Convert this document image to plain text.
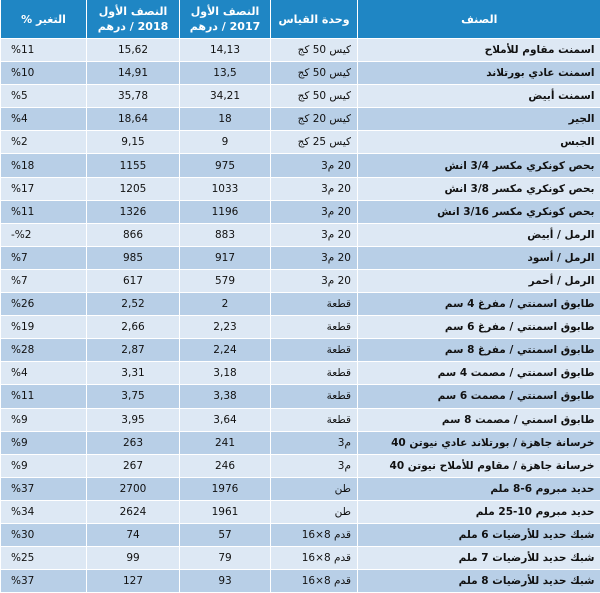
الصنف	وحدة القياس	النصف الأول 2017 / درهم	النصف الأول 2018 / درهم	التغير %
اسمنت مقاوم للأملاح	كيس 50 كج	14,13	15,62	%11
اسمنت عادي بورتلاند	كيس 50 كج	13,5	14,91	%10
اسمنت أبيض	كيس 50 كج	34,21	35,78	%5
الجير	كيس 20 كج	18	18,64	%4
الجبس	كيس 25 كج	9	9,15	%2
بحص كونكري مكسر 3/4 انش	20 م3	975	1155	%18
بحص كونكري مكسر 3/8 انش	20 م3	1033	1205	%17
بحص كونكري مكسر 3/16 انش	20 م3	1196	1326	%11
الرمل / أبيض	20 م3	883	866	%2-
الرمل / أسود	20 م3	917	985	%7
الرمل / أحمر	20 م3	579	617	%7
طابوق اسمنتي / مفرغ 4 سم	قطعة	2	2,52	%26
طابوق اسمنتي / مفرغ 6 سم	قطعة	2,23	2,66	%19
طابوق اسمنتي / مفرغ 8 سم	قطعة	2,24	2,87	%28
طابوق اسمنتي / مصمت 4 سم	قطعة	3,18	3,31	%4
طابوق اسمنتي / مصمت 6 سم	قطعة	3,38	3,75	%11
طابوق اسمني / مصمت 8 سم	قطعة	3,64	3,95	%9
خرسانة جاهزة / بورتلاند عادي نيوتن 40	م3	241	263	%9
خرسانة جاهزة / مقاوم للأملاح نيوتن 40	م3	246	267	%9
حديد مبروم 6-8 ملم	طن	1976	2700	%37
حديد مبروم 10-25 ملم	طن	1961	2624	%34
شبك حديد للأرضيات 6 ملم	قدم 8×16	57	74	%30
شبك حديد للأرضيات 7 ملم	قدم 8×16	79	99	%25
شبك حديد للأرضيات 8 ملم	قدم 8×16	93	127	%37
